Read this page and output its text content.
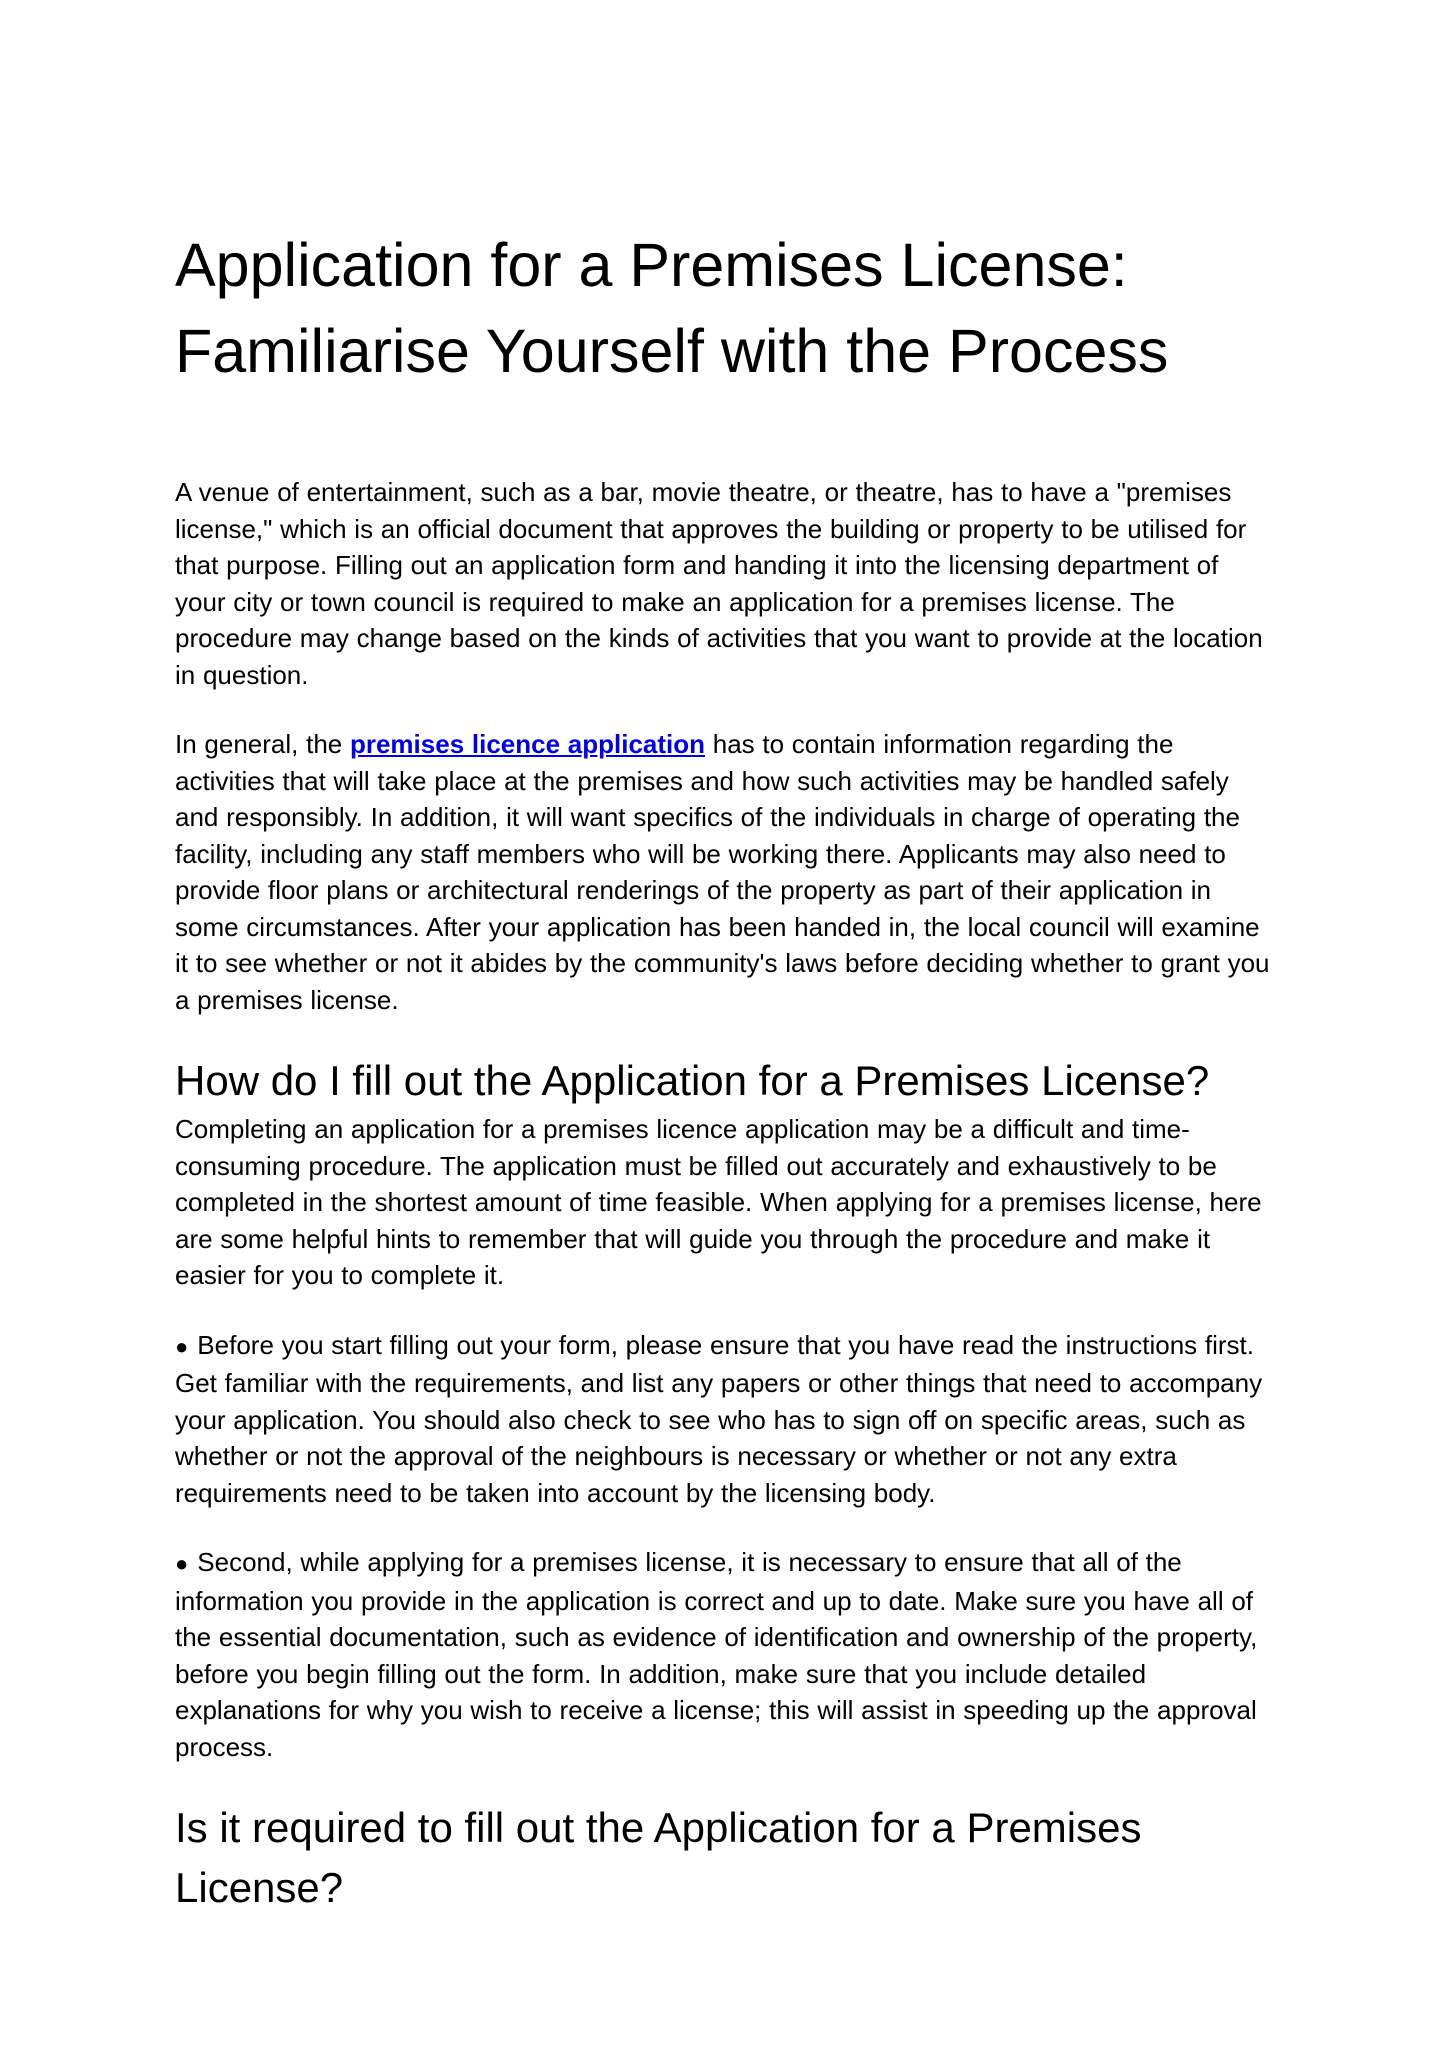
Application for a Premises License: Familiarise Yourself with the Process

A venue of entertainment, such as a bar, movie theatre, or theatre, has to have a "premises license," which is an official document that approves the building or property to be utilised for that purpose. Filling out an application form and handing it into the licensing department of your city or town council is required to make an application for a premises license. The procedure may change based on the kinds of activities that you want to provide at the location in question.

In general, the premises licence application has to contain information regarding the activities that will take place at the premises and how such activities may be handled safely and responsibly. In addition, it will want specifics of the individuals in charge of operating the facility, including any staff members who will be working there. Applicants may also need to provide floor plans or architectural renderings of the property as part of their application in some circumstances. After your application has been handed in, the local council will examine it to see whether or not it abides by the community's laws before deciding whether to grant you a premises license.

How do I fill out the Application for a Premises License?

Completing an application for a premises licence application may be a difficult and time-consuming procedure. The application must be filled out accurately and exhaustively to be completed in the shortest amount of time feasible. When applying for a premises license, here are some helpful hints to remember that will guide you through the procedure and make it easier for you to complete it.

● Before you start filling out your form, please ensure that you have read the instructions first. Get familiar with the requirements, and list any papers or other things that need to accompany your application. You should also check to see who has to sign off on specific areas, such as whether or not the approval of the neighbours is necessary or whether or not any extra requirements need to be taken into account by the licensing body.

● Second, while applying for a premises license, it is necessary to ensure that all of the information you provide in the application is correct and up to date. Make sure you have all of the essential documentation, such as evidence of identification and ownership of the property, before you begin filling out the form. In addition, make sure that you include detailed explanations for why you wish to receive a license; this will assist in speeding up the approval process.

Is it required to fill out the Application for a Premises License?
